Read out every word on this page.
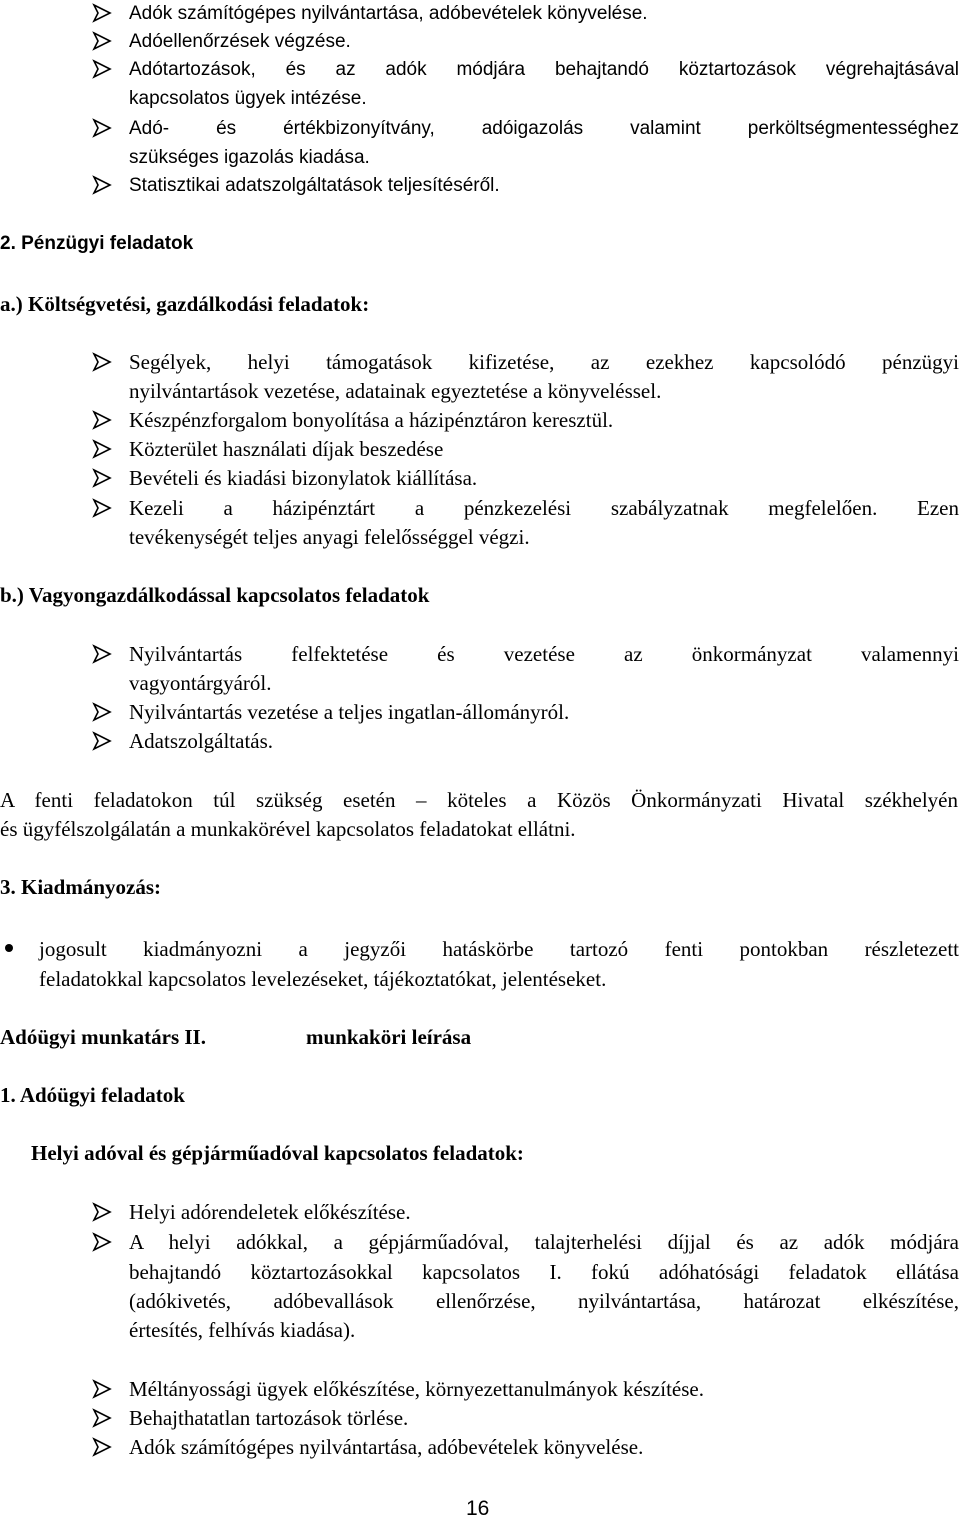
Adók számítógépes nyilvántartása, adóbevételek könyvelése.
Adóellenőrzések végzése.
Adótartozások, és az adók módjára behajtandó köztartozások végrehajtásával
kapcsolatos ügyek intézése.
Adó- és értékbizonyítvány, adóigazolás valamint perköltségmentességhez
szükséges igazolás kiadása.
Statisztikai adatszolgáltatások teljesítéséről.
2. Pénzügyi feladatok
a.) Költségvetési, gazdálkodási feladatok:
Segélyek, helyi támogatások kifizetése, az ezekhez kapcsolódó pénzügyi
nyilvántartások vezetése, adatainak egyeztetése a könyveléssel.
Készpénzforgalom bonyolítása a házipénztáron keresztül.
Közterület használati díjak beszedése
Bevételi és kiadási bizonylatok kiállítása.
Kezeli a házipénztárt a pénzkezelési szabályzatnak megfelelően. Ezen
tevékenységét teljes anyagi felelősséggel végzi.
b.) Vagyongazdálkodással kapcsolatos feladatok
Nyilvántartás felfektetése és vezetése az önkormányzat valamennyi
vagyontárgyáról.
Nyilvántartás vezetése a teljes ingatlan-állományról.
Adatszolgáltatás.
A fenti feladatokon túl szükség esetén – köteles a Közös Önkormányzati Hivatal székhelyén
és ügyfélszolgálatán a munkakörével kapcsolatos feladatokat ellátni.
3. Kiadmányozás:
jogosult kiadmányozni a jegyzői hatáskörbe tartozó fenti pontokban részletezett
feladatokkal kapcsolatos levelezéseket, tájékoztatókat, jelentéseket.
Adóügyi munkatárs II.	munkaköri leírása
1. Adóügyi feladatok
Helyi adóval és gépjárműadóval kapcsolatos feladatok:
Helyi adórendeletek előkészítése.
A helyi adókkal, a gépjárműadóval, talajterhelési díjjal és az adók módjára
behajtandó köztartozásokkal kapcsolatos I. fokú adóhatósági feladatok ellátása
(adókivetés, adóbevallások ellenőrzése, nyilvántartása, határozat elkészítése,
értesítés, felhívás kiadása).
Méltányossági ügyek előkészítése, környezettanulmányok készítése.
Behajthatatlan tartozások törlése.
Adók számítógépes nyilvántartása, adóbevételek könyvelése.
16
